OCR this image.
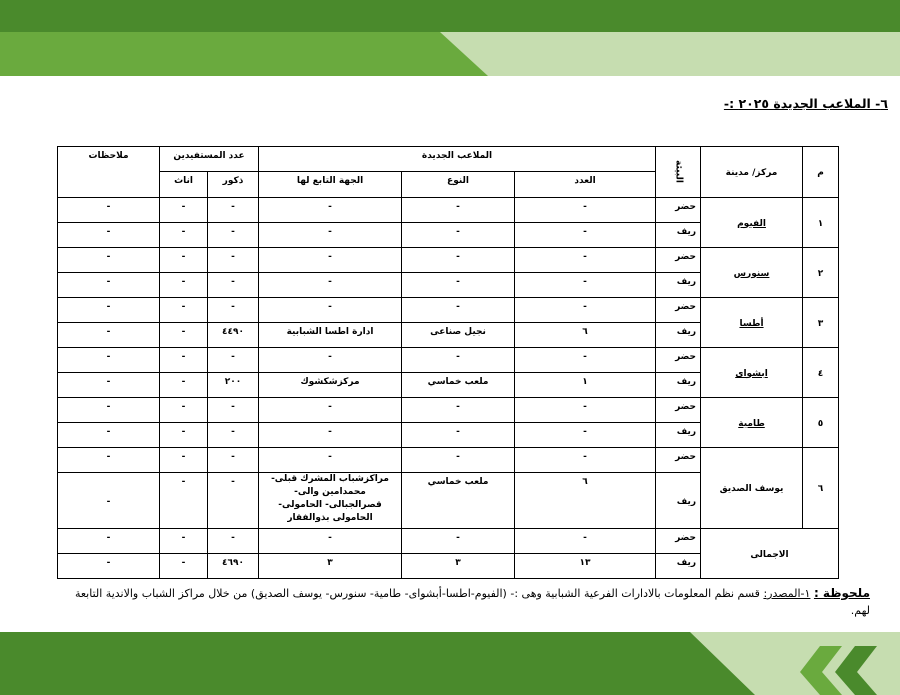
٦- الملاعب الجديدة ٢٠٢٥ :-
م	مركز/ مدينة	البيئة	الملاعب الجديدة			عدد المستفيدين		ملاحظات
			العدد	النوع	الجهة التابع لها	ذكور	اناث	
١	الفيوم	حضر	-	-	-	-	-	-
		ريف	-	-	-	-	-	-
٢	سنورس	حضر	-	-	-	-	-	-
		ريف	-	-	-	-	-	-
٣	أطسا	حضر	-	-	-	-	-	-
		ريف	٦	نجيل صناعى	ادارة اطسا الشبابية	٤٤٩٠	-	-
٤	ابشواى	حضر	-	-	-	-	-	-
		ريف	١	ملعب خماسي	مركزشكشوك	٢٠٠	-	-
٥	طامية	حضر	-	-	-	-	-	-
		ريف	-	-	-	-	-	-
٦	يوسف الصديق	حضر	-	-	-	-	-	-
		ريف	٦	ملعب خماسي	مراكزشباب المشرك قبلى- محمدامين والى- قصرالجبالى- الحامولى- الحامولى بذوالفقار	-	-	-
الاجمالى		حضر	-	-	-	-	-	-
		ريف	١٣	٣	٣	٤٦٩٠	-	-
ملحوظة : ١-المصدر: قسم نظم المعلومات بالادارات الفرعية الشبابية وهى :- (الفيوم-اطسا-أبشواى- طامية- سنورس- يوسف الصديق) من خلال مراكز الشباب والاندية التابعة لهم.
